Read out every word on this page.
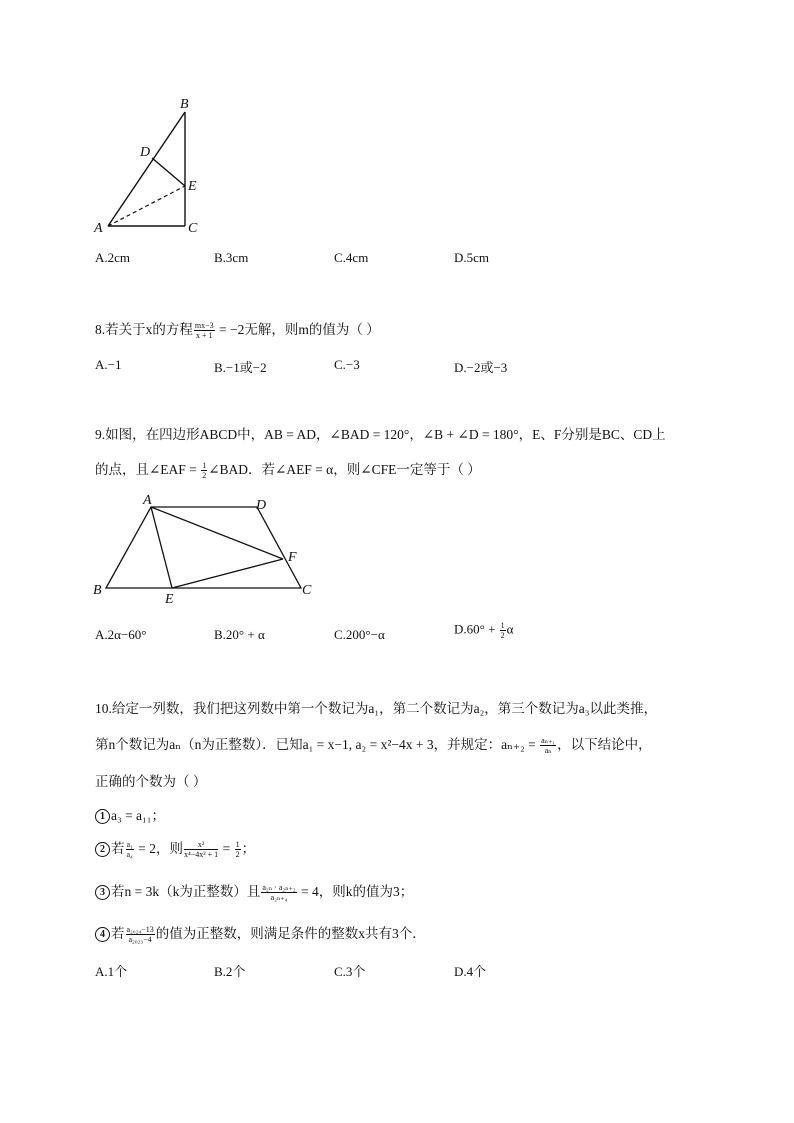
B
D
E
A	C
A.2cm	B.3cm	C.4cm	D.5cm
8.若关于x的方程 $\frac{mx-3}{x + 1} = -2$无解，则m的值为（ ）
A.−1	B.−1或−2	C.−3	D.−2或−3
9.如图，在四边形ABCD中，AB = AD，∠BAD = 120°，∠B + ∠D = 180°，E、F分别是BC、CD上
的点，且∠EAF = $\frac{1}{2}$ ∠BAD．若∠AEF = α，则∠CFE一定等于（ ）
A	D
F
B
E
C
A.2α−60°	B.20° + α	C.200°−α	$D.60^\circ + \frac{1}{2}$ α
10.给定一列数，我们把这列数中第一个数记为a₁，第二个数记为a₂，第三个数记为a₃以此类推，
第n个数记为aₙ（n为正整数）．已知a₁ = x−1, a₂ = x²−4x + 3，并规定：$a_{n+2} = \frac{\text{aₙ₊₁}}{\text{aₙ}}$ ，以下结论中，
正确的个数为（ ）
1 a₃ = a₁₁；
2 若 $\frac{\text{a₁}}{\text{a₄}} = 2$，则 $\frac{\text{x²}}{\text{x⁴−4x² + 1}} = \frac{1}{2}$ ；
3 若n = 3k（k为正整数）且 $\frac{\text{a₂ₙ · a₂ₙ₊₂}}{\text{a₂ₙ₊₄}} = 4$，则k的值为3；
4 若 $\frac{\text{a₂₀₂₄−13}}{\text{a₂₀₂₃−4}}$ 的值为正整数，则满足条件的整数x共有3个．
A.1个	B.2个	C.3个	D.4个
